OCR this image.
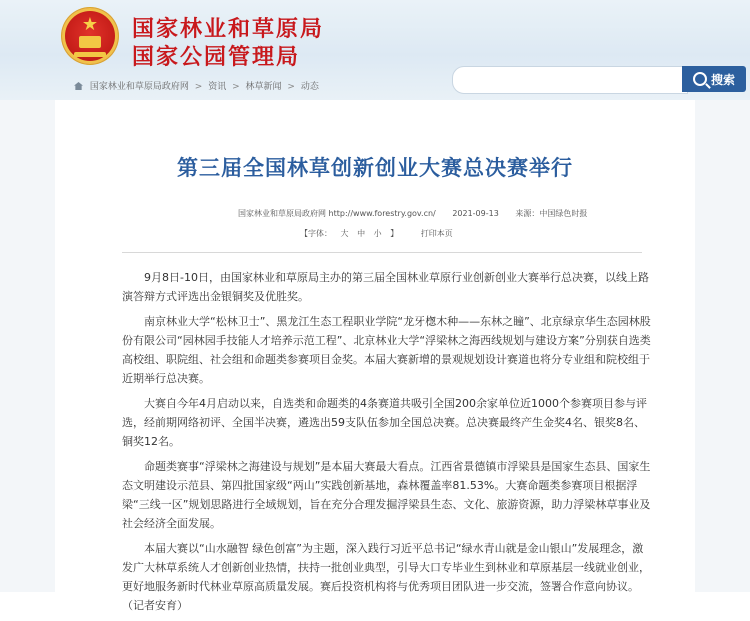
★	国家林业和草原局
国家公园管理局
国家林业和草原局政府网 > 资讯 > 林草新闻 > 动态
搜索
第三届全国林草创新创业大赛总决赛举行
国家林业和草原局政府网 http://www.forestry.gov.cn/ 2021-09-13 来源：中国绿色时报
【字体： 大 中 小 】	打印本页

9月8日-10日，由国家林业和草原局主办的第三届全国林业草原行业创新创业大赛举行总决赛，以线上路演答辩方式评选出金银铜奖及优胜奖。

南京林业大学“松林卫士”、黑龙江生态工程职业学院“龙牙楤木种——东林之瞳”、北京绿京华生态园林股份有限公司“园林园手技能人才培养示范工程”、北京林业大学“浮梁林之海西线规划与建设方案”分别获自选类高校组、职院组、社会组和命题类参赛项目金奖。本届大赛新增的景观规划设计赛道也将分专业组和院校组于近期举行总决赛。

大赛自今年4月启动以来，自选类和命题类的4条赛道共吸引全国200余家单位近1000个参赛项目参与评选，经前期网络初评、全国半决赛，遴选出59支队伍参加全国总决赛。总决赛最终产生金奖4名、银奖8名、铜奖12名。

命题类赛事“浮梁林之海建设与规划”是本届大赛最大看点。江西省景德镇市浮梁县是国家生态县、国家生态文明建设示范县、第四批国家级“两山”实践创新基地，森林覆盖率81.53%。大赛命题类参赛项目根据浮梁“三线一区”规划思路进行全域规划，旨在充分合理发掘浮梁县生态、文化、旅游资源，助力浮梁林草事业及社会经济全面发展。

本届大赛以“山水融智 绿色创富”为主题，深入践行习近平总书记“绿水青山就是金山银山”发展理念，激发广大林草系统人才创新创业热情，扶持一批创业典型，引导大口专毕业生到林业和草原基层一线就业创业，更好地服务新时代林业草原高质量发展。赛后投资机构将与优秀项目团队进一步交流，签署合作意向协议。（记者安育）
